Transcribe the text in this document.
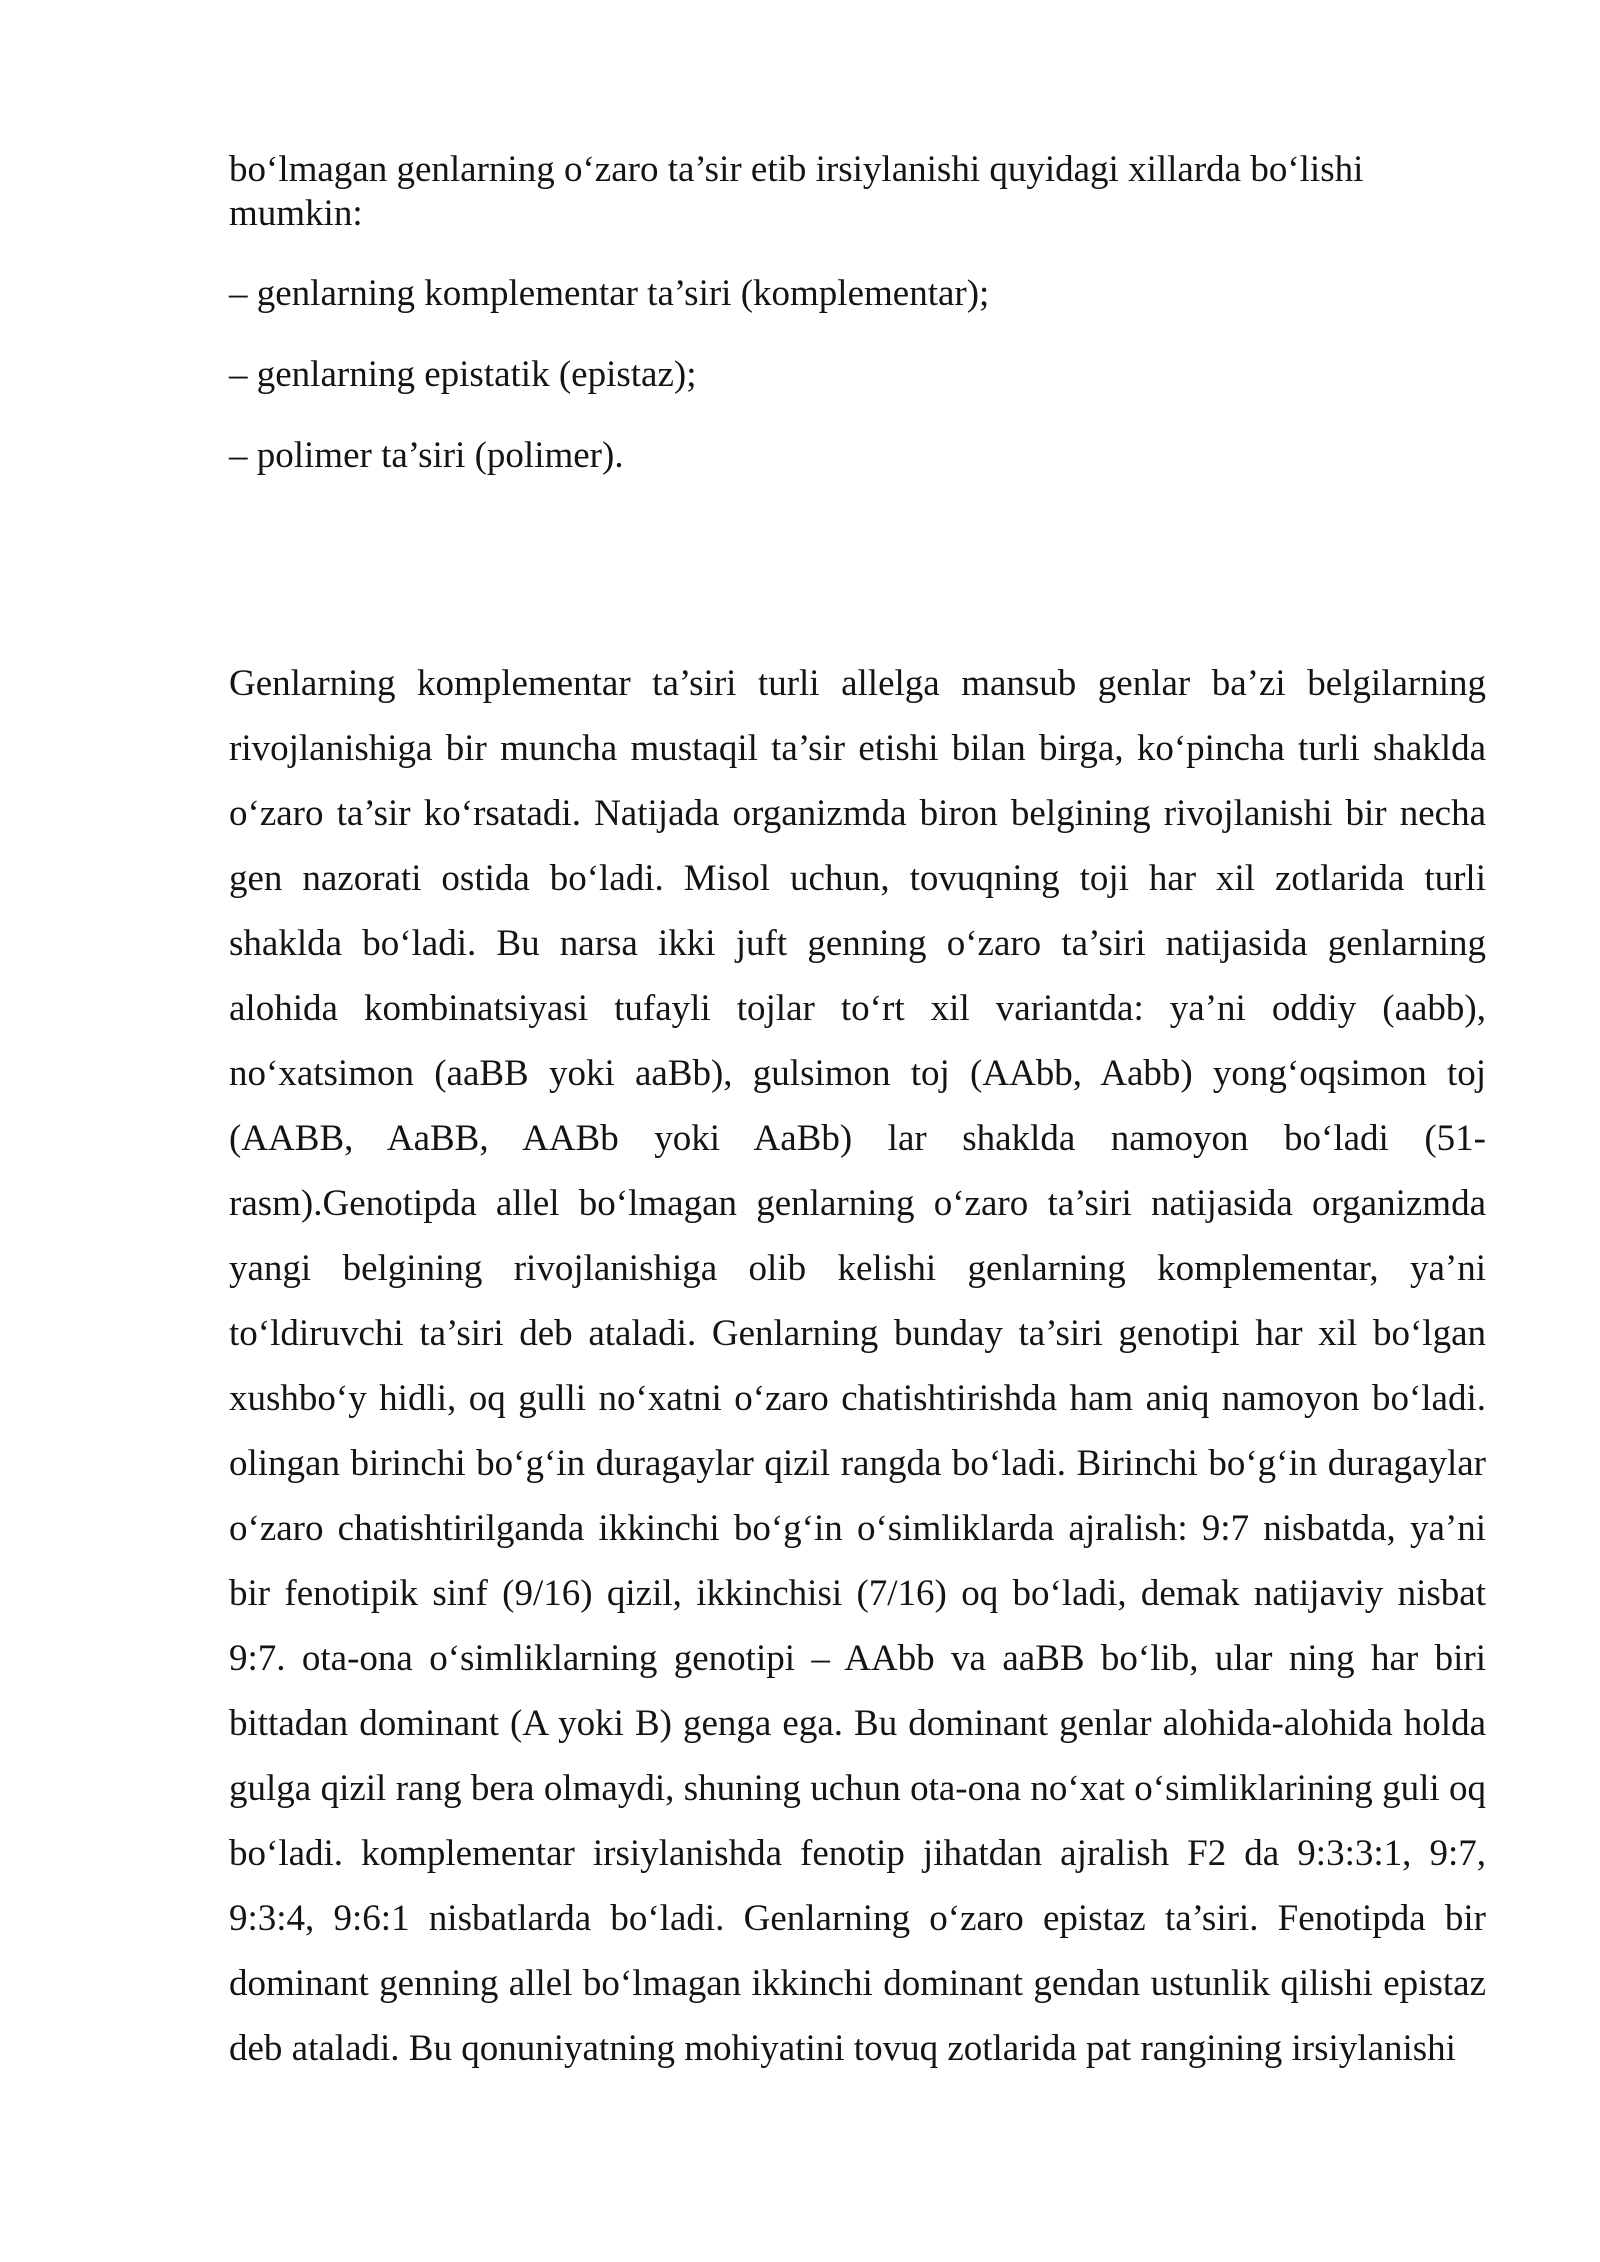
bo‘lmagan genlarning o‘zaro ta’sir etib irsiylanishi quyidagi xillarda bo‘lishi mumkin:

– genlarning komplementar ta’siri (komplementar);
– genlarning epistatik (epistaz);
– polimer ta’siri (polimer).

Genlarning komplementar ta’siri turli allelga mansub genlar ba’zi belgilarning rivojlanishiga bir muncha mustaqil ta’sir etishi bilan birga, ko‘pincha turli shaklda o‘zaro ta’sir ko‘rsatadi. Natijada organizmda biron belgining rivojlanishi bir necha gen nazorati ostida bo‘ladi. Misol uchun, tovuqning toji har xil zotlarida turli shaklda bo‘ladi. Bu narsa ikki juft genning o‘zaro ta’siri natijasida genlarning alohida kombinatsiyasi tufayli tojlar to‘rt xil variantda: ya’ni oddiy (aabb), no‘xatsimon (aaBB yoki aaBb), gulsimon toj (AAbb, Aabb) yong‘oqsimon toj (AABB, AaBB, AABb yoki AaBb) lar shaklda namoyon bo‘ladi (51- rasm).Genotipda allel bo‘lmagan genlarning o‘zaro ta’siri natijasida organizmda yangi belgining rivojlanishiga olib kelishi genlarning komplementar, ya’ni to‘ldiruvchi ta’siri deb ataladi. Genlarning bunday ta’siri genotipi har xil bo‘lgan xushbo‘y hidli, oq gulli no‘xatni o‘zaro chatishtirishda ham aniq namoyon bo‘ladi. olingan birinchi bo‘g‘in duragaylar qizil rangda bo‘ladi. Birinchi bo‘g‘in duragaylar o‘zaro chatishtirilganda ikkinchi bo‘g‘in o‘simliklarda ajralish: 9:7 nisbatda, ya’ni bir fenotipik sinf (9/16) qizil, ikkinchisi (7/16) oq bo‘ladi, demak natijaviy nisbat 9:7. ota-ona o‘simliklarning genotipi – AAbb va aaBB bo‘lib, ular ning har biri bittadan dominant (A yoki B) genga ega. Bu dominant genlar alohida-alohida holda gulga qizil rang bera olmaydi, shuning uchun ota-ona no‘xat o‘simliklarining guli oq bo‘ladi. komplementar irsiylanishda fenotip jihatdan ajralish F2 da 9:3:3:1, 9:7, 9:3:4, 9:6:1 nisbatlarda bo‘ladi. Genlarning o‘zaro epistaz ta’siri. Fenotipda bir dominant genning allel bo‘lmagan ikkinchi dominant gendan ustunlik qilishi epistaz deb ataladi. Bu qonuniyatning mohiyatini tovuq zotlarida pat rangining irsiylanishi
